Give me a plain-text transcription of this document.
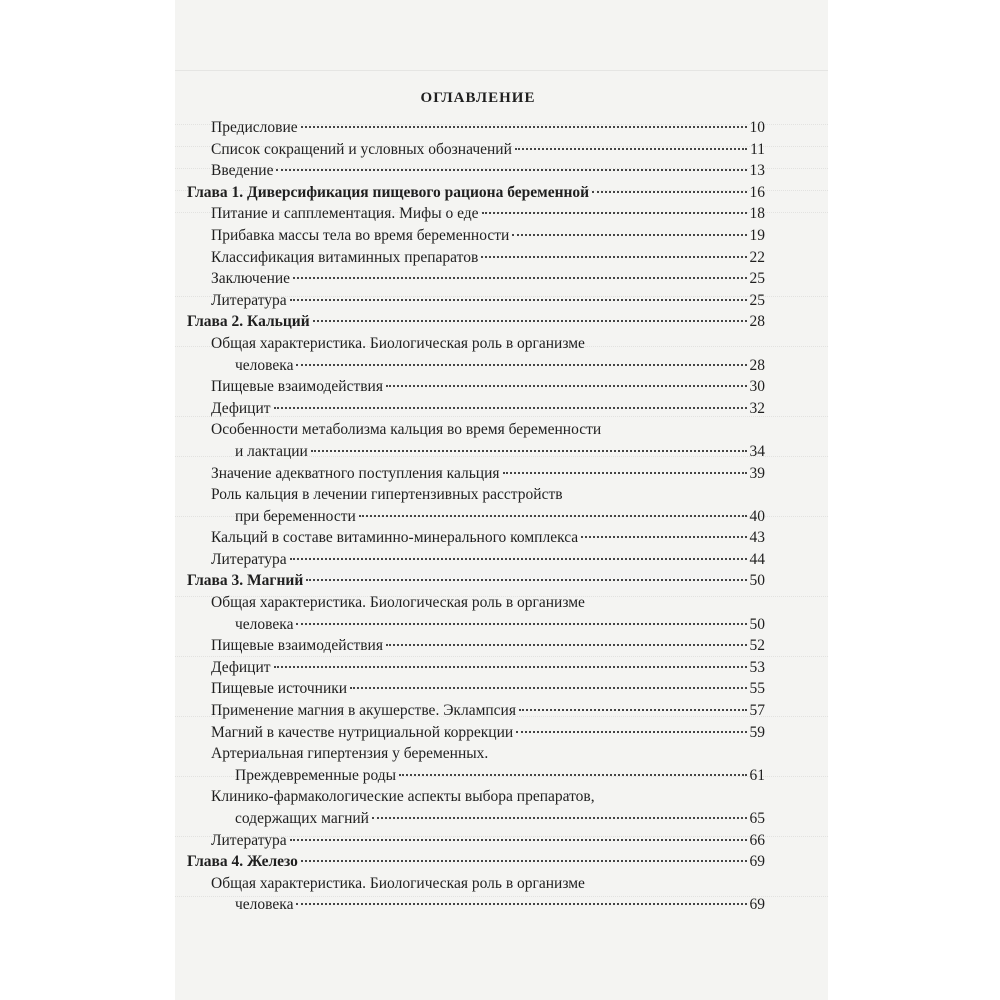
ОГЛАВЛЕНИЕ
Предисловие	10
Список сокращений и условных обозначений	11
Введение	13
Глава 1. Диверсификация пищевого рациона беременной	16
Питание и сапплементация. Мифы о еде	18
Прибавка массы тела во время беременности	19
Классификация витаминных препаратов	22
Заключение	25
Литература	25
Глава 2. Кальций	28
Общая характеристика. Биологическая роль в организме
человека	28
Пищевые взаимодействия	30
Дефицит	32
Особенности метаболизма кальция во время беременности
и лактации	34
Значение адекватного поступления кальция	39
Роль кальция в лечении гипертензивных расстройств
при беременности	40
Кальций в составе витаминно-минерального комплекса	43
Литература	44
Глава 3. Магний	50
Общая характеристика. Биологическая роль в организме
человека	50
Пищевые взаимодействия	52
Дефицит	53
Пищевые источники	55
Применение магния в акушерстве. Эклампсия	57
Магний в качестве нутрициальной коррекции	59
Артериальная гипертензия у беременных.
Преждевременные роды	61
Клинико-фармакологические аспекты выбора препаратов,
содержащих магний	65
Литература	66
Глава 4. Железо	69
Общая характеристика. Биологическая роль в организме
человека	69
